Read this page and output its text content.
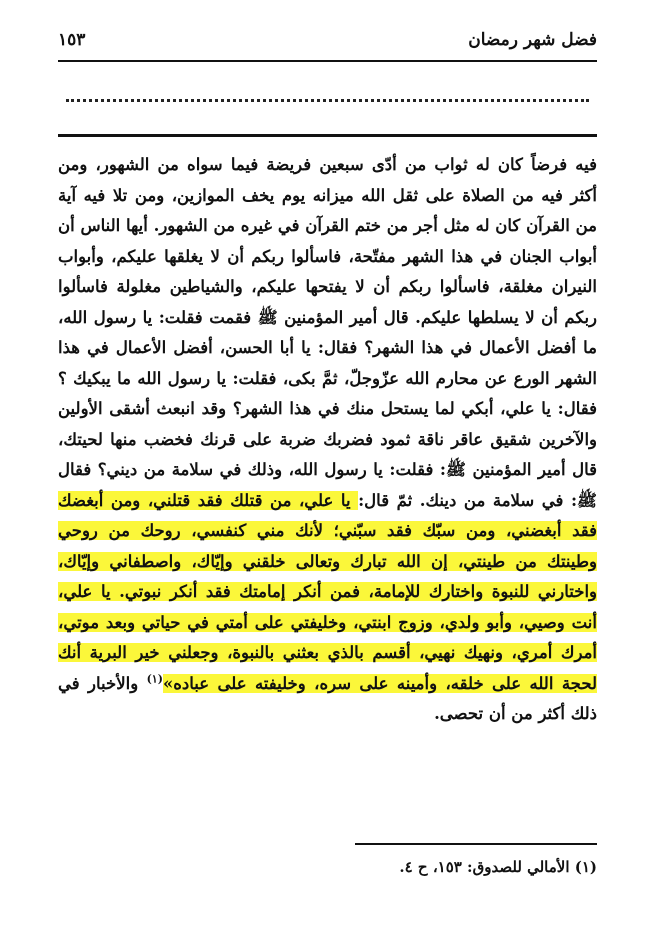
فضل شهر رمضان
١٥٣

فيه فرضاً كان له ثواب من أدّى سبعين فريضة فيما سواه من الشهور، ومن أكثر فيه من الصلاة على ثقل الله ميزانه يوم يخف الموازين، ومن تلا فيه آية من القرآن كان له مثل أجر من ختم القرآن في غيره من الشهور. أيها الناس أن أبواب الجنان في هذا الشهر مفتّحة، فاسألوا ربكم أن لا يغلقها عليكم، وأبواب النيران مغلقة، فاسألوا ربكم أن لا يفتحها عليكم، والشياطين مغلولة فاسألوا ربكم أن لا يسلطها عليكم. قال أمير المؤمنين ﷺ فقمت فقلت: يا رسول الله، ما أفضل الأعمال في هذا الشهر؟ فقال: يا أبا الحسن، أفضل الأعمال في هذا الشهر الورع عن محارم الله عزّوجلّ، ثمَّ بكى، فقلت: يا رسول الله ما يبكيك ؟ فقال: يا علي، أبكي لما يستحل منك في هذا الشهر؟ وقد انبعث أشقى الأولين والآخرين شقيق عاقر ناقة ثمود فضربك ضربة على قرنك فخضب منها لحيتك، قال أمير المؤمنين ﷺ: فقلت: يا رسول الله، وذلك في سلامة من ديني؟ فقال ﷺ: في سلامة من دينك. ثمّ قال: يا علي، من قتلك فقد قتلني، ومن أبغضك فقد أبغضني، ومن سبّك فقد سبّني؛ لأنك مني كنفسي، روحك من روحي وطينتك من طينتي، إن الله تبارك وتعالى خلقني وإيّاك، واصطفاني وإيّاك، واختارني للنبوة واختارك للإمامة، فمن أنكر إمامتك فقد أنكر نبوتي. يا علي، أنت وصيي، وأبو ولدي، وزوج ابنتي، وخليفتي على أمتي في حياتي وبعد موتي، أمرك أمري، ونهيك نهيي، أقسم بالذي بعثني بالنبوة، وجعلني خير البرية أنك لحجة الله على خلقه، وأمينه على سره، وخليفته على عباده»$^{(١)}$ والأخبار في ذلك أكثر من أن تحصى.

(١) الأمالي للصدوق: ١٥٣، ح ٤.
